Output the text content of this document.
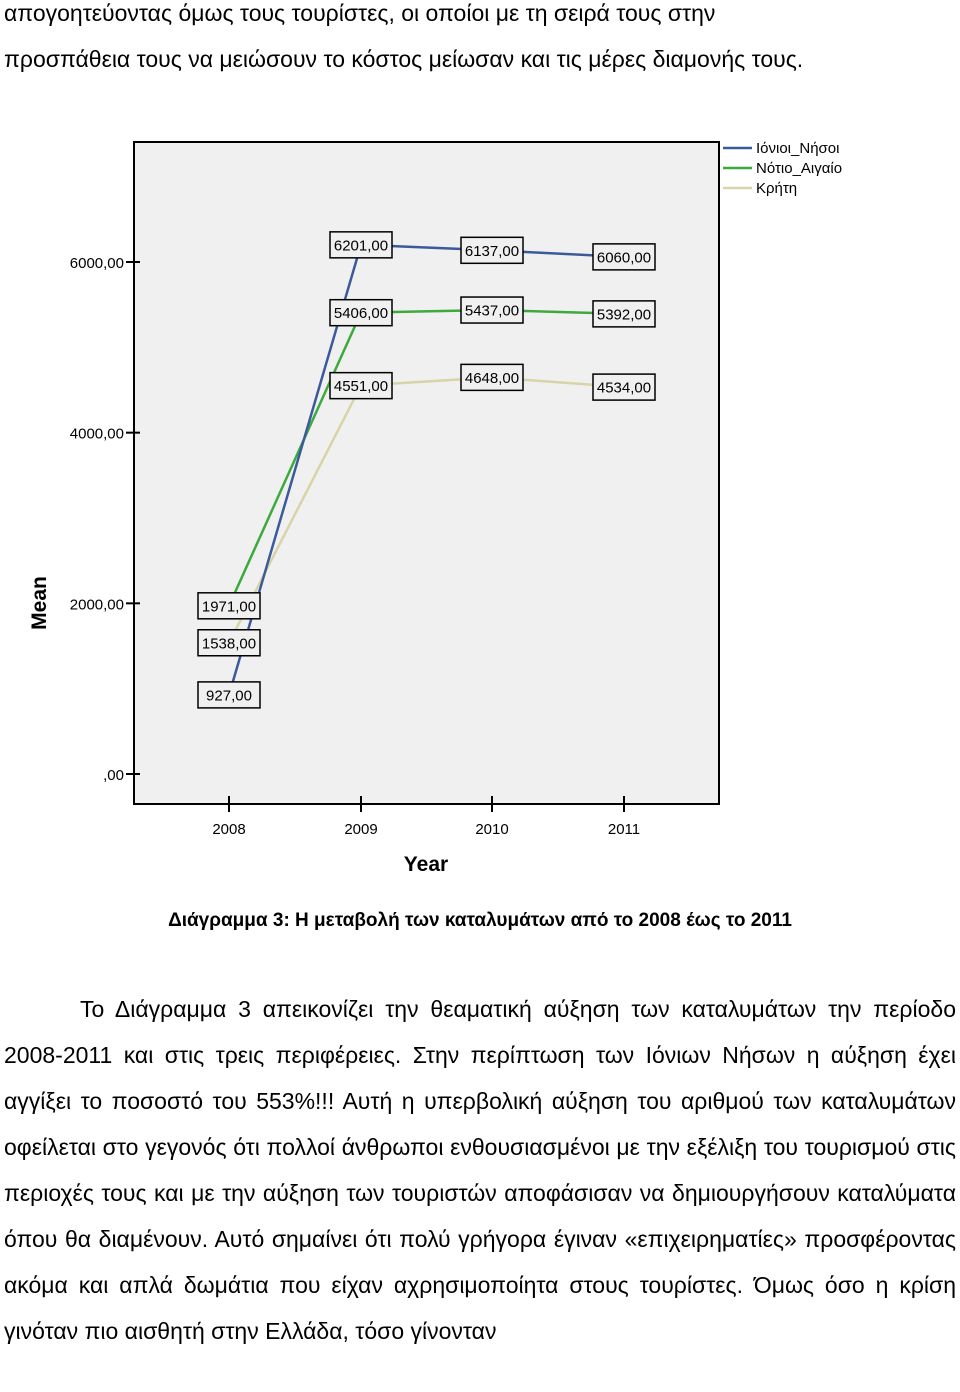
απογοητεύοντας όμως τους τουρίστες, οι οποίοι με τη σειρά τους στην
προσπάθεια τους να μειώσουν το κόστος μείωσαν και τις μέρες διαμονής τους.

,00
2000,00
4000,00
6000,00
2008	2009	2010	2011
Mean
Year
927,00
6201,00	6137,00	6060,00
1971,00
5406,00	5437,00	5392,00
1538,00
4551,00	4648,00
4534,00
Ιόνιοι_Νήσοι
Νότιο_Αιγαίο
Κρήτη
Διάγραμμα 3: Η μεταβολή των καταλυμάτων από το 2008 έως το 2011

Το Διάγραμμα 3 απεικονίζει την θεαματική αύξηση των καταλυμάτων την περίοδο 2008-2011 και στις τρεις περιφέρειες. Στην περίπτωση των Ιόνιων Νήσων η αύξηση έχει αγγίξει το ποσοστό του 553%!!! Αυτή η υπερβολική αύξηση του αριθμού των καταλυμάτων οφείλεται στο γεγονός ότι πολλοί άνθρωποι ενθουσιασμένοι με την εξέλιξη του τουρισμού στις περιοχές τους και με την αύξηση των τουριστών αποφάσισαν να δημιουργήσουν καταλύματα όπου θα διαμένουν. Αυτό σημαίνει ότι πολύ γρήγορα έγιναν «επιχειρηματίες» προσφέροντας ακόμα και απλά δωμάτια που είχαν αχρησιμοποίητα στους τουρίστες. Όμως όσο η κρίση γινόταν πιο αισθητή στην Ελλάδα, τόσο γίνονταν
